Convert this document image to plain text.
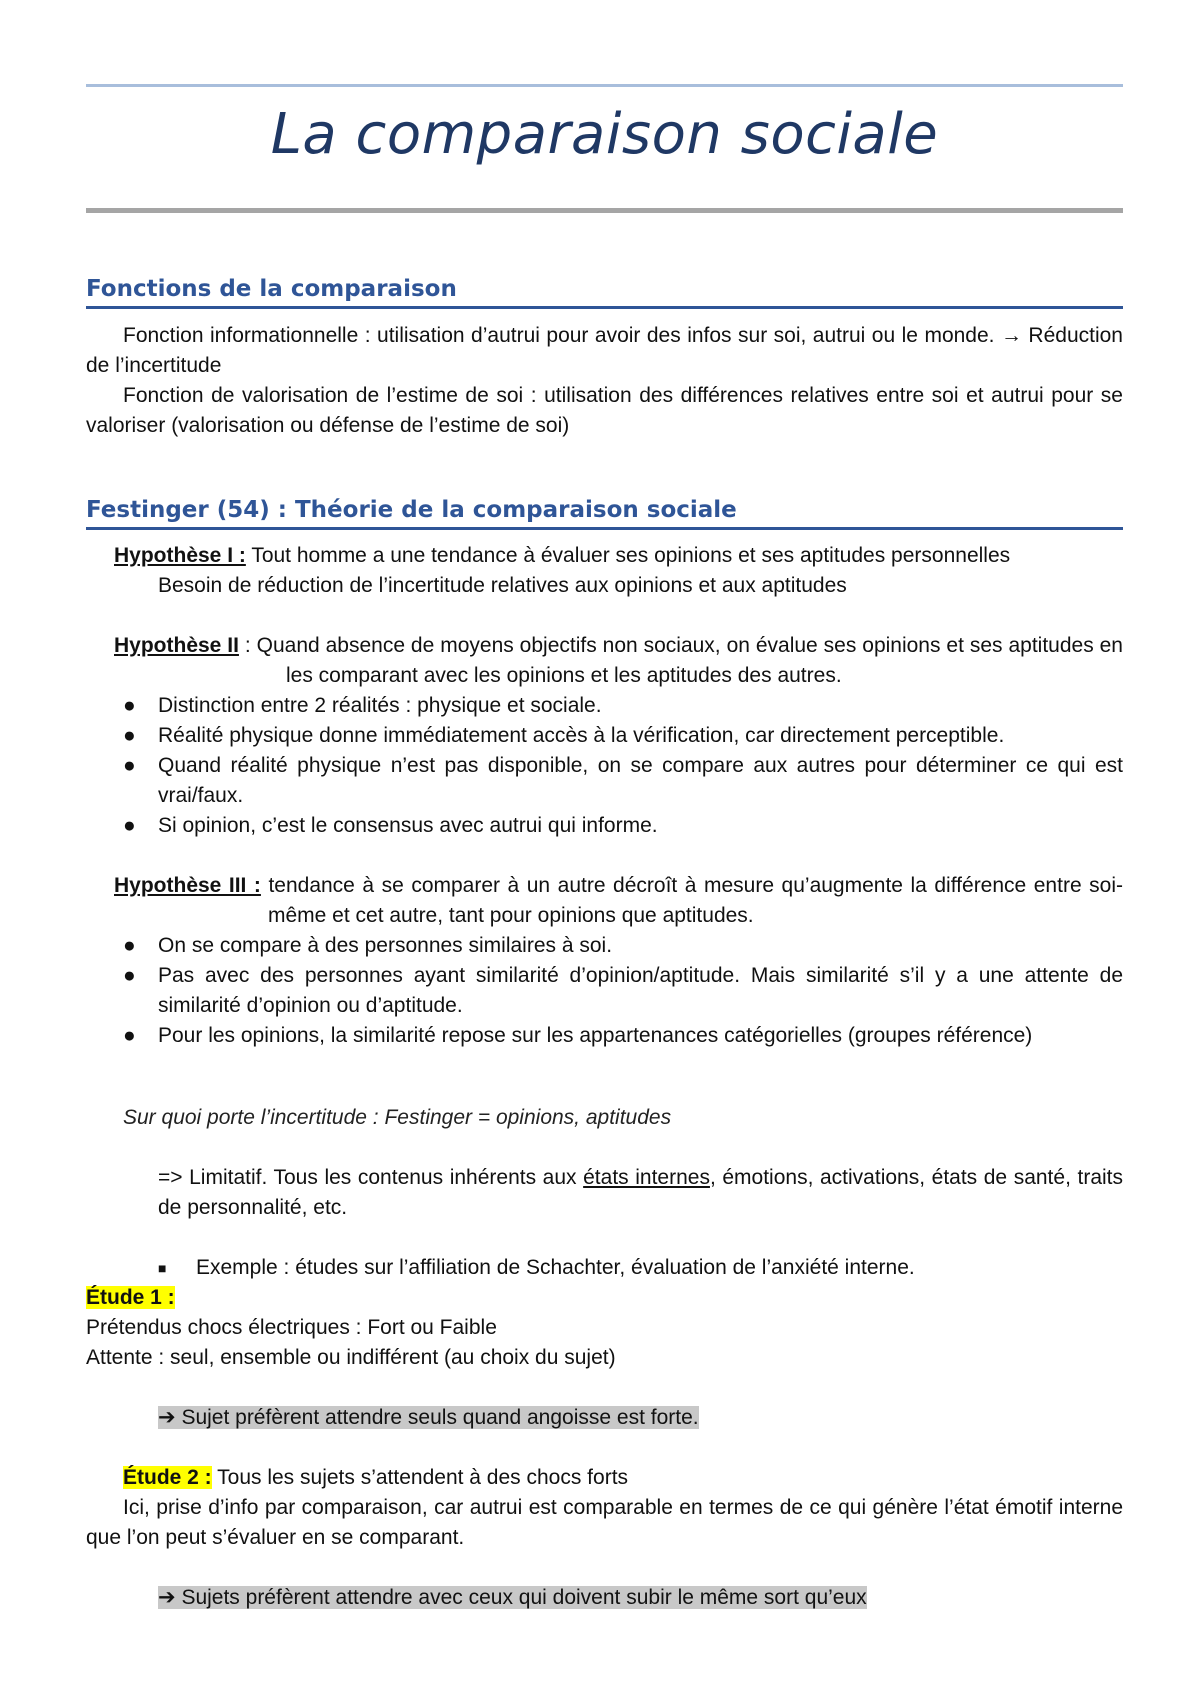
La comparaison sociale
Fonctions de la comparaison

Fonction informationnelle : utilisation d’autrui pour avoir des infos sur soi, autrui ou le monde. → Réduction de l’incertitude

Fonction de valorisation de l’estime de soi : utilisation des différences relatives entre soi et autrui pour se valoriser (valorisation ou défense de l’estime de soi)

Festinger (54) : Théorie de la comparaison sociale

Hypothèse I : Tout homme a une tendance à évaluer ses opinions et ses aptitudes personnelles

Besoin de réduction de l’incertitude relatives aux opinions et aux aptitudes

Hypothèse II : Quand absence de moyens objectifs non sociaux, on évalue ses opinions et ses aptitudes en les comparant avec les opinions et les aptitudes des autres.

● Distinction entre 2 réalités : physique et sociale.
● Réalité physique donne immédiatement accès à la vérification, car directement perceptible.
● Quand réalité physique n’est pas disponible, on se compare aux autres pour déterminer ce qui est vrai/faux.
● Si opinion, c’est le consensus avec autrui qui informe.

Hypothèse III : tendance à se comparer à un autre décroît à mesure qu’augmente la différence entre soi-même et cet autre, tant pour opinions que aptitudes.

● On se compare à des personnes similaires à soi.
● Pas avec des personnes ayant similarité d’opinion/aptitude. Mais similarité s’il y a une attente de similarité d’opinion ou d’aptitude.
● Pour les opinions, la similarité repose sur les appartenances catégorielles (groupes référence)

Sur quoi porte l’incertitude : Festinger = opinions, aptitudes

=> Limitatif. Tous les contenus inhérents aux états internes, émotions, activations, états de santé, traits de personnalité, etc.

■ Exemple : études sur l’affiliation de Schachter, évaluation de l’anxiété interne.

Étude 1 :

Prétendus chocs électriques : Fort ou Faible

Attente : seul, ensemble ou indifférent (au choix du sujet)

➔ Sujet préfèrent attendre seuls quand angoisse est forte.

Étude 2 : Tous les sujets s’attendent à des chocs forts

Ici, prise d’info par comparaison, car autrui est comparable en termes de ce qui génère l’état émotif interne que l’on peut s’évaluer en se comparant.

➔ Sujets préfèrent attendre avec ceux qui doivent subir le même sort qu’eux
